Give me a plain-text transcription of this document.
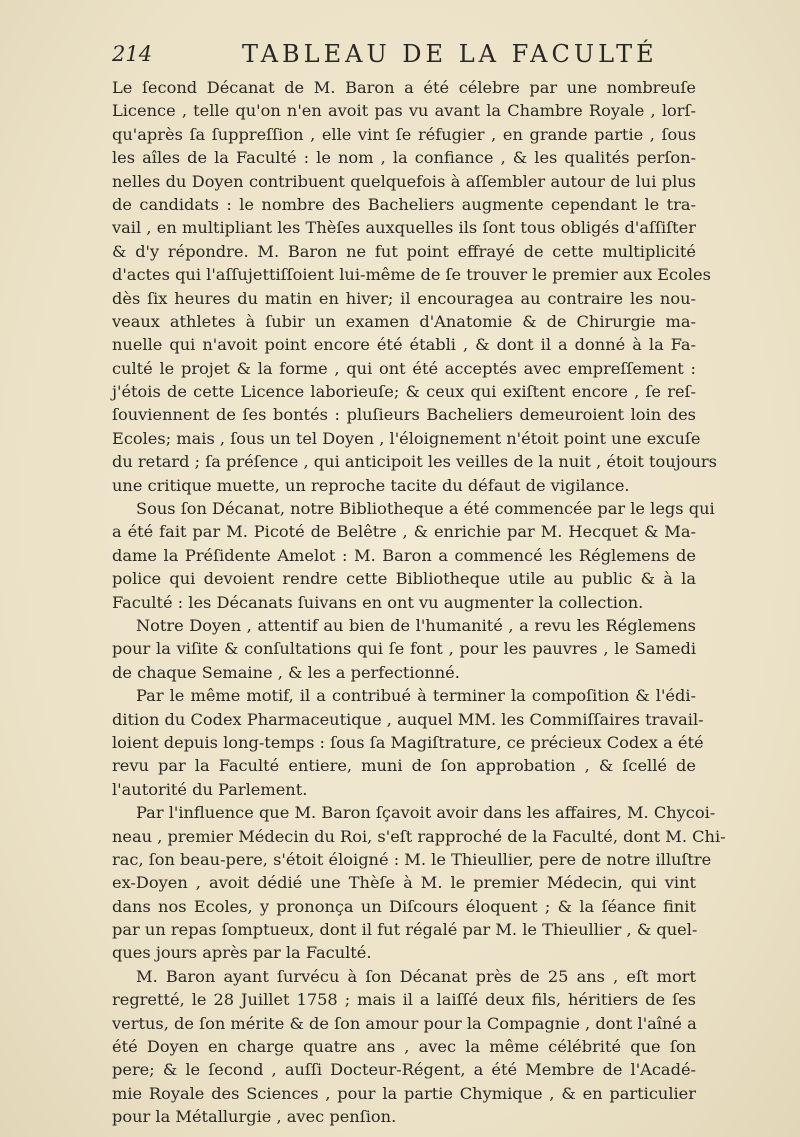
214	TABLEAU DE LA FACULTÉ
Le ſecond Décanat de M. Baron a été célebre par une nombreuſe
Licence , telle qu'on n'en avoit pas vu avant la Chambre Royale , lorſ-
qu'après ſa ſuppreſſion , elle vint ſe réfugier , en grande partie , ſous
les aîles de la Faculté : le nom , la confiance , & les qualités perſon-
nelles du Doyen contribuent quelquefois à aſſembler autour de lui plus
de candidats : le nombre des Bacheliers augmente cependant le tra-
vail , en multipliant les Thèſes auxquelles ils ſont tous obligés d'aſſiſter
& d'y répondre. M. Baron ne fut point effrayé de cette multiplicité
d'actes qui l'aſſujettiſſoient lui-même de ſe trouver le premier aux Ecoles
dès ſix heures du matin en hiver; il encouragea au contraire les nou-
veaux athletes à ſubir un examen d'Anatomie & de Chirurgie ma-
nuelle qui n'avoit point encore été établi , & dont il a donné à la Fa-
culté le projet & la forme , qui ont été acceptés avec empreſſement :
j'étois de cette Licence laborieuſe; & ceux qui exiſtent encore , ſe reſ-
ſouviennent de ſes bontés : pluſieurs Bacheliers demeuroient loin des
Ecoles; mais , ſous un tel Doyen , l'éloignement n'étoit point une excuſe
du retard ; ſa préſence , qui anticipoit les veilles de la nuit , étoit toujours
une critique muette, un reproche tacite du défaut de vigilance.
Sous ſon Décanat, notre Bibliotheque a été commencée par le legs qui
a été fait par M. Picoté de Belêtre , & enrichie par M. Hecquet & Ma-
dame la Préſidente Amelot : M. Baron a commencé les Réglemens de
police qui devoient rendre cette Bibliotheque utile au public & à la
Faculté : les Décanats ſuivans en ont vu augmenter la collection.
Notre Doyen , attentif au bien de l'humanité , a revu les Réglemens
pour la viſite & conſultations qui ſe font , pour les pauvres , le Samedi
de chaque Semaine , & les a perfectionné.
Par le même motif, il a contribué à terminer la compoſition & l'édi-
dition du Codex Pharmaceutique , auquel MM. les Commiſſaires travail-
loient depuis long-temps : ſous ſa Magiſtrature, ce précieux Codex a été
revu par la Faculté entiere, muni de ſon approbation , & ſcellé de
l'autorité du Parlement.
Par l'influence que M. Baron ſçavoit avoir dans les affaires, M. Chycoi-
neau , premier Médecin du Roi, s'eſt rapproché de la Faculté, dont M. Chi-
rac, ſon beau-pere, s'étoit éloigné : M. le Thieullier, pere de notre illuſtre
ex-Doyen , avoit dédié une Thèſe à M. le premier Médecin, qui vint
dans nos Ecoles, y prononça un Diſcours éloquent ; & la ſéance finit
par un repas ſomptueux, dont il fut régalé par M. le Thieullier , & quel-
ques jours après par la Faculté.
M. Baron ayant ſurvécu à ſon Décanat près de 25 ans , eſt mort
regretté, le 28 Juillet 1758 ; mais il a laiſſé deux fils, héritiers de ſes
vertus, de ſon mérite & de ſon amour pour la Compagnie , dont l'aîné a
été Doyen en charge quatre ans , avec la même célébrité que ſon
pere; & le ſecond , auſſi Docteur-Régent, a été Membre de l'Acadé-
mie Royale des Sciences , pour la partie Chymique , & en particulier
pour la Métallurgie , avec penſion.
